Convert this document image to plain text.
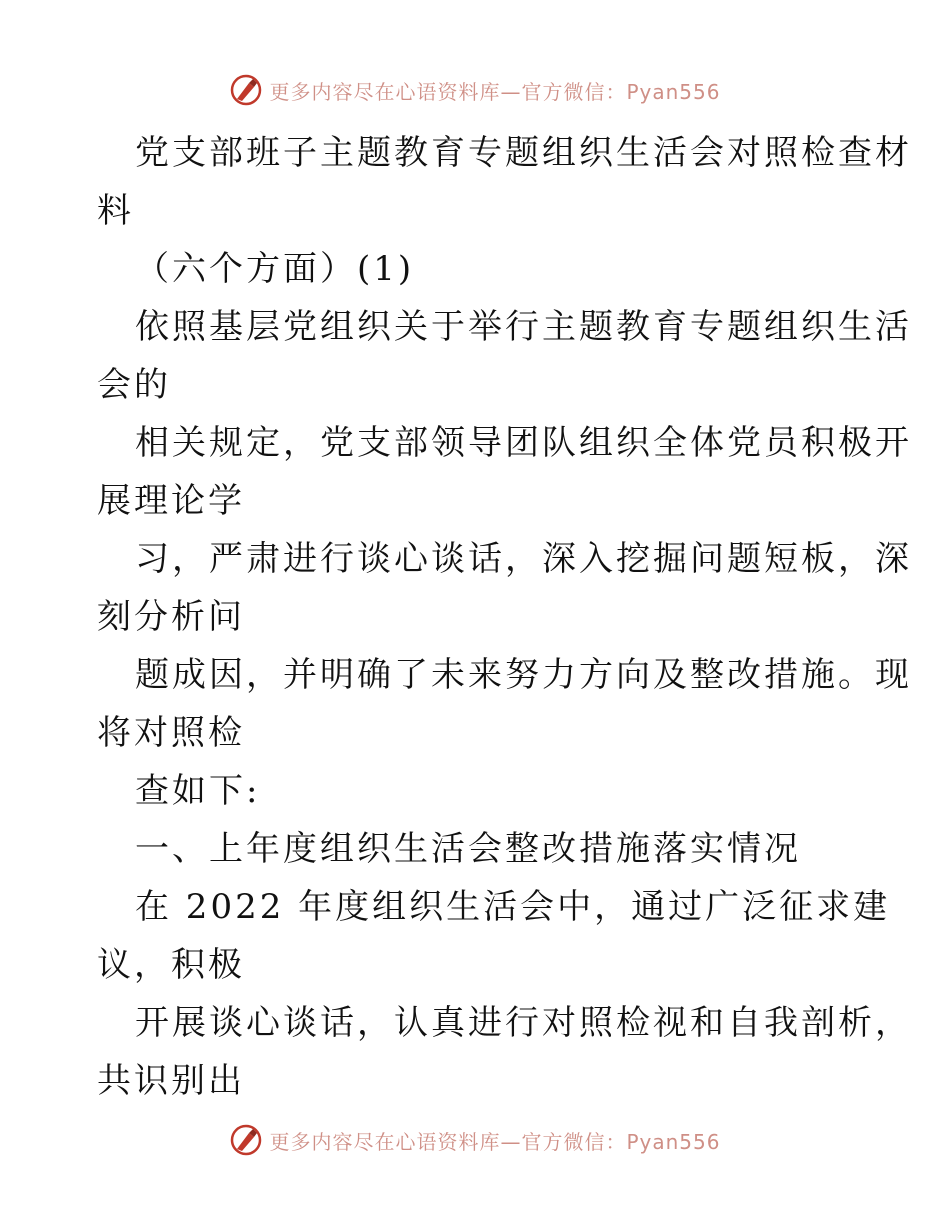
更多内容尽在心语资料库—官方微信：Pyan556
党支部班子主题教育专题组织生活会对照检查材
料
（六个方面）(1)
依照基层党组织关于举行主题教育专题组织生活
会的
相关规定，党支部领导团队组织全体党员积极开
展理论学
习，严肃进行谈心谈话，深入挖掘问题短板，深
刻分析问
题成因，并明确了未来努力方向及整改措施。现
将对照检
查如下:
一、上年度组织生活会整改措施落实情况
在 2022 年度组织生活会中，通过广泛征求建
议，积极
开展谈心谈话，认真进行对照检视和自我剖析，
共识别出
更多内容尽在心语资料库—官方微信：Pyan556
